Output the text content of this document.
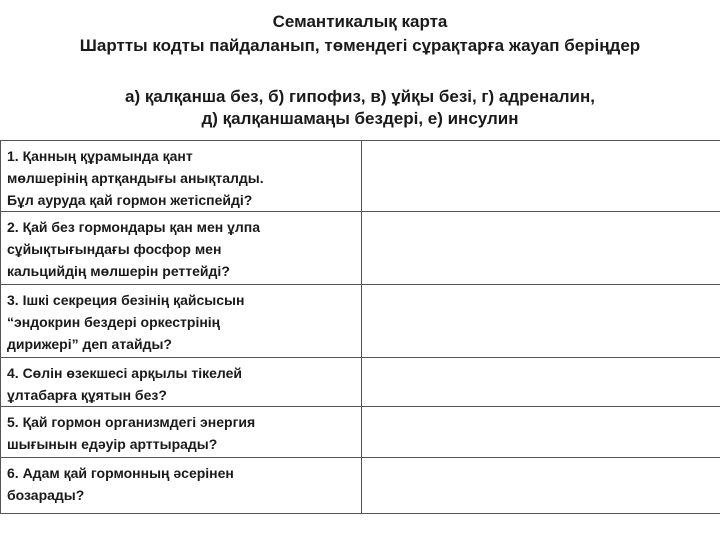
Семантикалық карта
Шартты кодты пайдаланып, төмендегі сұрақтарға жауап беріңдер
а) қалқанша без, б) гипофиз, в) ұйқы безі, г) адреналин,
д) қалқаншамаңы бездері, е) инсулин
1. Қанның құрамында қант
мөлшерінің артқандығы анықталды.
Бұл ауруда қай гормон жетіспейді?	

2. Қай без гормондары қан мен ұлпа
сұйықтығындағы фосфор мен
кальцийдің мөлшерін реттейді?	

3. Ішкі секреция безінің қайсысын
“эндокрин бездері оркестрінің
дирижері” деп атайды?	

4. Сөлін өзекшесі арқылы тікелей
ұлтабарға құятын без?	

5. Қай гормон организмдегі энергия
шығынын едәуір арттырады?	

6. Адам қай гормонның әсерінен
бозарады?	
